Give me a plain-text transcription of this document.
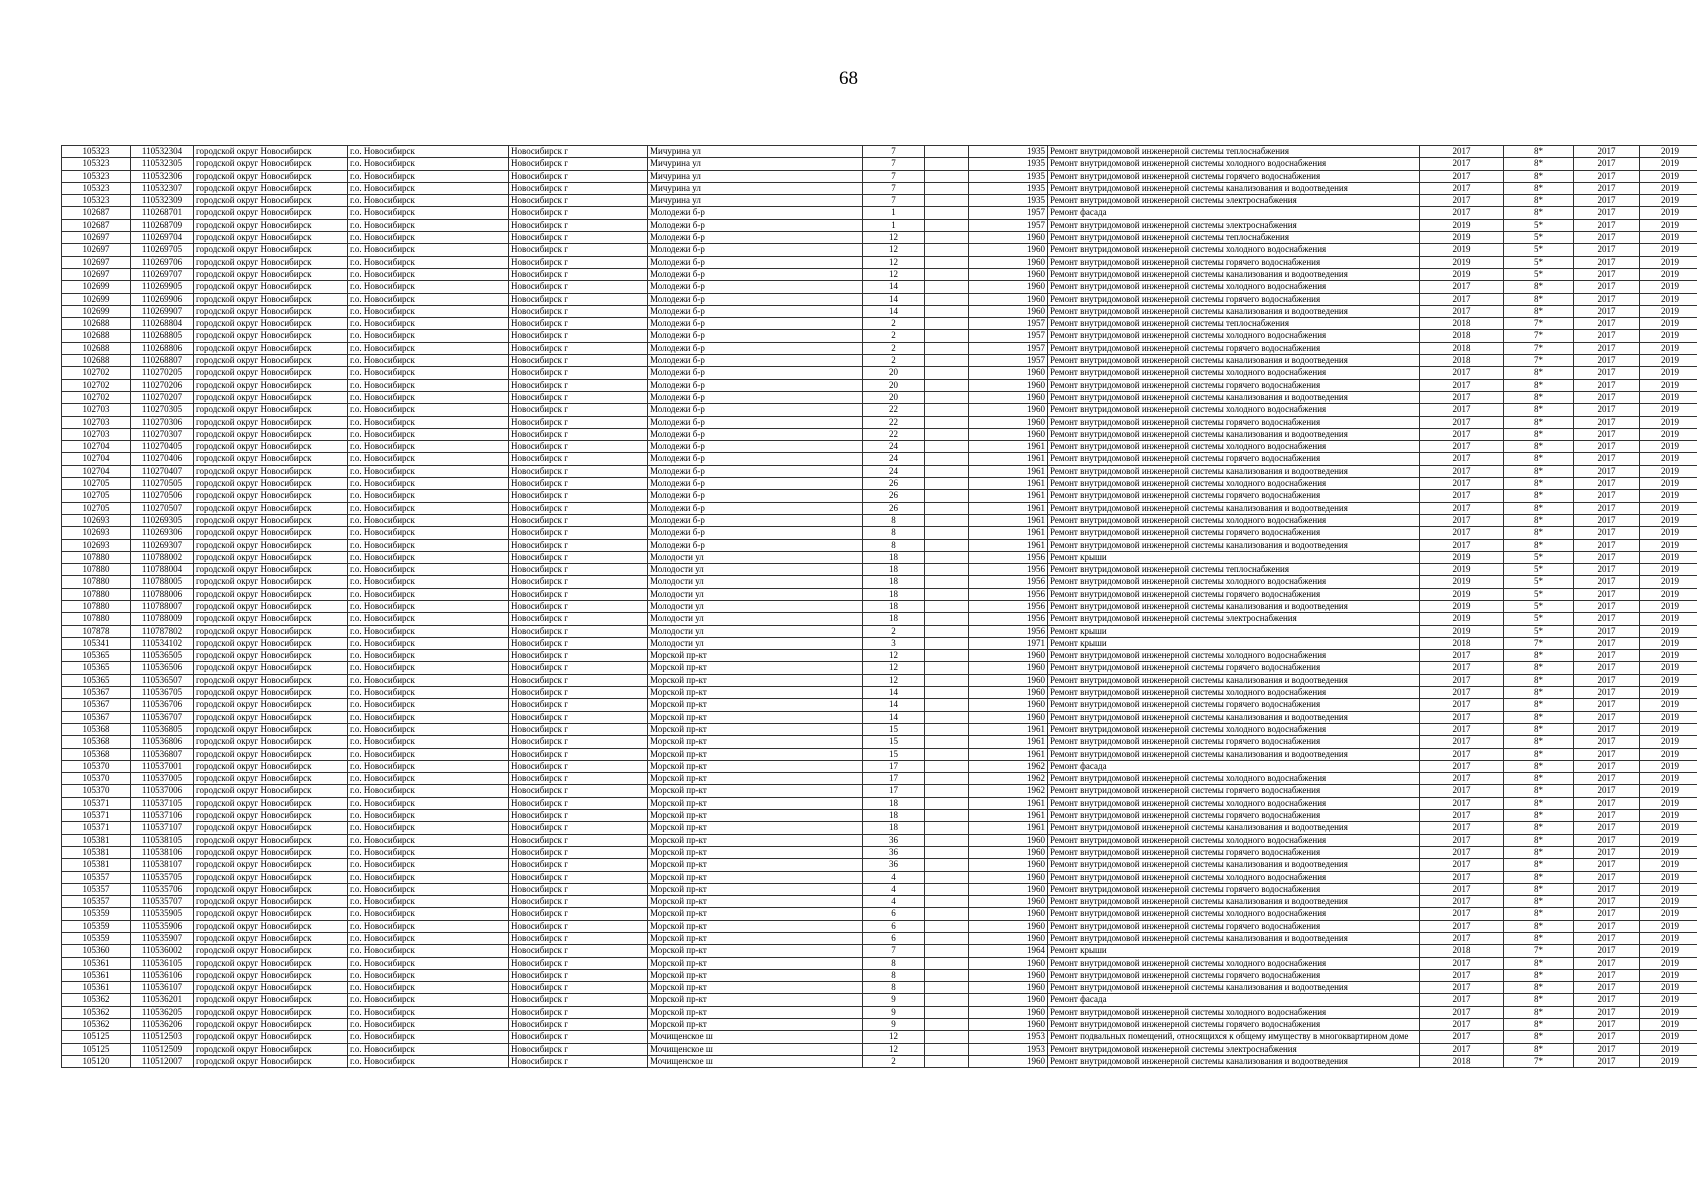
68
105323	110532304	городской округ Новосибирск	г.о. Новосибирск	Новосибирск г	Мичурина ул	7		1935	Ремонт внутридомовой инженерной системы теплоснабжения	2017	8*	2017	2019
105323	110532305	городской округ Новосибирск	г.о. Новосибирск	Новосибирск г	Мичурина ул	7		1935	Ремонт внутридомовой инженерной системы холодного водоснабжения	2017	8*	2017	2019
105323	110532306	городской округ Новосибирск	г.о. Новосибирск	Новосибирск г	Мичурина ул	7		1935	Ремонт внутридомовой инженерной системы горячего водоснабжения	2017	8*	2017	2019
105323	110532307	городской округ Новосибирск	г.о. Новосибирск	Новосибирск г	Мичурина ул	7		1935	Ремонт внутридомовой инженерной системы канализования и водоотведения	2017	8*	2017	2019
105323	110532309	городской округ Новосибирск	г.о. Новосибирск	Новосибирск г	Мичурина ул	7		1935	Ремонт внутридомовой инженерной системы электроснабжения	2017	8*	2017	2019
102687	110268701	городской округ Новосибирск	г.о. Новосибирск	Новосибирск г	Молодежи б-р	1		1957	Ремонт фасада	2017	8*	2017	2019
102687	110268709	городской округ Новосибирск	г.о. Новосибирск	Новосибирск г	Молодежи б-р	1		1957	Ремонт внутридомовой инженерной системы электроснабжения	2019	5*	2017	2019
102697	110269704	городской округ Новосибирск	г.о. Новосибирск	Новосибирск г	Молодежи б-р	12		1960	Ремонт внутридомовой инженерной системы теплоснабжения	2019	5*	2017	2019
102697	110269705	городской округ Новосибирск	г.о. Новосибирск	Новосибирск г	Молодежи б-р	12		1960	Ремонт внутридомовой инженерной системы холодного водоснабжения	2019	5*	2017	2019
102697	110269706	городской округ Новосибирск	г.о. Новосибирск	Новосибирск г	Молодежи б-р	12		1960	Ремонт внутридомовой инженерной системы горячего водоснабжения	2019	5*	2017	2019
102697	110269707	городской округ Новосибирск	г.о. Новосибирск	Новосибирск г	Молодежи б-р	12		1960	Ремонт внутридомовой инженерной системы канализования и водоотведения	2019	5*	2017	2019
102699	110269905	городской округ Новосибирск	г.о. Новосибирск	Новосибирск г	Молодежи б-р	14		1960	Ремонт внутридомовой инженерной системы холодного водоснабжения	2017	8*	2017	2019
102699	110269906	городской округ Новосибирск	г.о. Новосибирск	Новосибирск г	Молодежи б-р	14		1960	Ремонт внутридомовой инженерной системы горячего водоснабжения	2017	8*	2017	2019
102699	110269907	городской округ Новосибирск	г.о. Новосибирск	Новосибирск г	Молодежи б-р	14		1960	Ремонт внутридомовой инженерной системы канализования и водоотведения	2017	8*	2017	2019
102688	110268804	городской округ Новосибирск	г.о. Новосибирск	Новосибирск г	Молодежи б-р	2		1957	Ремонт внутридомовой инженерной системы теплоснабжения	2018	7*	2017	2019
102688	110268805	городской округ Новосибирск	г.о. Новосибирск	Новосибирск г	Молодежи б-р	2		1957	Ремонт внутридомовой инженерной системы холодного водоснабжения	2018	7*	2017	2019
102688	110268806	городской округ Новосибирск	г.о. Новосибирск	Новосибирск г	Молодежи б-р	2		1957	Ремонт внутридомовой инженерной системы горячего водоснабжения	2018	7*	2017	2019
102688	110268807	городской округ Новосибирск	г.о. Новосибирск	Новосибирск г	Молодежи б-р	2		1957	Ремонт внутридомовой инженерной системы канализования и водоотведения	2018	7*	2017	2019
102702	110270205	городской округ Новосибирск	г.о. Новосибирск	Новосибирск г	Молодежи б-р	20		1960	Ремонт внутридомовой инженерной системы холодного водоснабжения	2017	8*	2017	2019
102702	110270206	городской округ Новосибирск	г.о. Новосибирск	Новосибирск г	Молодежи б-р	20		1960	Ремонт внутридомовой инженерной системы горячего водоснабжения	2017	8*	2017	2019
102702	110270207	городской округ Новосибирск	г.о. Новосибирск	Новосибирск г	Молодежи б-р	20		1960	Ремонт внутридомовой инженерной системы канализования и водоотведения	2017	8*	2017	2019
102703	110270305	городской округ Новосибирск	г.о. Новосибирск	Новосибирск г	Молодежи б-р	22		1960	Ремонт внутридомовой инженерной системы холодного водоснабжения	2017	8*	2017	2019
102703	110270306	городской округ Новосибирск	г.о. Новосибирск	Новосибирск г	Молодежи б-р	22		1960	Ремонт внутридомовой инженерной системы горячего водоснабжения	2017	8*	2017	2019
102703	110270307	городской округ Новосибирск	г.о. Новосибирск	Новосибирск г	Молодежи б-р	22		1960	Ремонт внутридомовой инженерной системы канализования и водоотведения	2017	8*	2017	2019
102704	110270405	городской округ Новосибирск	г.о. Новосибирск	Новосибирск г	Молодежи б-р	24		1961	Ремонт внутридомовой инженерной системы холодного водоснабжения	2017	8*	2017	2019
102704	110270406	городской округ Новосибирск	г.о. Новосибирск	Новосибирск г	Молодежи б-р	24		1961	Ремонт внутридомовой инженерной системы горячего водоснабжения	2017	8*	2017	2019
102704	110270407	городской округ Новосибирск	г.о. Новосибирск	Новосибирск г	Молодежи б-р	24		1961	Ремонт внутридомовой инженерной системы канализования и водоотведения	2017	8*	2017	2019
102705	110270505	городской округ Новосибирск	г.о. Новосибирск	Новосибирск г	Молодежи б-р	26		1961	Ремонт внутридомовой инженерной системы холодного водоснабжения	2017	8*	2017	2019
102705	110270506	городской округ Новосибирск	г.о. Новосибирск	Новосибирск г	Молодежи б-р	26		1961	Ремонт внутридомовой инженерной системы горячего водоснабжения	2017	8*	2017	2019
102705	110270507	городской округ Новосибирск	г.о. Новосибирск	Новосибирск г	Молодежи б-р	26		1961	Ремонт внутридомовой инженерной системы канализования и водоотведения	2017	8*	2017	2019
102693	110269305	городской округ Новосибирск	г.о. Новосибирск	Новосибирск г	Молодежи б-р	8		1961	Ремонт внутридомовой инженерной системы холодного водоснабжения	2017	8*	2017	2019
102693	110269306	городской округ Новосибирск	г.о. Новосибирск	Новосибирск г	Молодежи б-р	8		1961	Ремонт внутридомовой инженерной системы горячего водоснабжения	2017	8*	2017	2019
102693	110269307	городской округ Новосибирск	г.о. Новосибирск	Новосибирск г	Молодежи б-р	8		1961	Ремонт внутридомовой инженерной системы канализования и водоотведения	2017	8*	2017	2019
107880	110788002	городской округ Новосибирск	г.о. Новосибирск	Новосибирск г	Молодости ул	18		1956	Ремонт крыши	2019	5*	2017	2019
107880	110788004	городской округ Новосибирск	г.о. Новосибирск	Новосибирск г	Молодости ул	18		1956	Ремонт внутридомовой инженерной системы теплоснабжения	2019	5*	2017	2019
107880	110788005	городской округ Новосибирск	г.о. Новосибирск	Новосибирск г	Молодости ул	18		1956	Ремонт внутридомовой инженерной системы холодного водоснабжения	2019	5*	2017	2019
107880	110788006	городской округ Новосибирск	г.о. Новосибирск	Новосибирск г	Молодости ул	18		1956	Ремонт внутридомовой инженерной системы горячего водоснабжения	2019	5*	2017	2019
107880	110788007	городской округ Новосибирск	г.о. Новосибирск	Новосибирск г	Молодости ул	18		1956	Ремонт внутридомовой инженерной системы канализования и водоотведения	2019	5*	2017	2019
107880	110788009	городской округ Новосибирск	г.о. Новосибирск	Новосибирск г	Молодости ул	18		1956	Ремонт внутридомовой инженерной системы электроснабжения	2019	5*	2017	2019
107878	110787802	городской округ Новосибирск	г.о. Новосибирск	Новосибирск г	Молодости ул	2		1956	Ремонт крыши	2019	5*	2017	2019
105341	110534102	городской округ Новосибирск	г.о. Новосибирск	Новосибирск г	Молодости ул	3		1971	Ремонт крыши	2018	7*	2017	2019
105365	110536505	городской округ Новосибирск	г.о. Новосибирск	Новосибирск г	Морской пр-кт	12		1960	Ремонт внутридомовой инженерной системы холодного водоснабжения	2017	8*	2017	2019
105365	110536506	городской округ Новосибирск	г.о. Новосибирск	Новосибирск г	Морской пр-кт	12		1960	Ремонт внутридомовой инженерной системы горячего водоснабжения	2017	8*	2017	2019
105365	110536507	городской округ Новосибирск	г.о. Новосибирск	Новосибирск г	Морской пр-кт	12		1960	Ремонт внутридомовой инженерной системы канализования и водоотведения	2017	8*	2017	2019
105367	110536705	городской округ Новосибирск	г.о. Новосибирск	Новосибирск г	Морской пр-кт	14		1960	Ремонт внутридомовой инженерной системы холодного водоснабжения	2017	8*	2017	2019
105367	110536706	городской округ Новосибирск	г.о. Новосибирск	Новосибирск г	Морской пр-кт	14		1960	Ремонт внутридомовой инженерной системы горячего водоснабжения	2017	8*	2017	2019
105367	110536707	городской округ Новосибирск	г.о. Новосибирск	Новосибирск г	Морской пр-кт	14		1960	Ремонт внутридомовой инженерной системы канализования и водоотведения	2017	8*	2017	2019
105368	110536805	городской округ Новосибирск	г.о. Новосибирск	Новосибирск г	Морской пр-кт	15		1961	Ремонт внутридомовой инженерной системы холодного водоснабжения	2017	8*	2017	2019
105368	110536806	городской округ Новосибирск	г.о. Новосибирск	Новосибирск г	Морской пр-кт	15		1961	Ремонт внутридомовой инженерной системы горячего водоснабжения	2017	8*	2017	2019
105368	110536807	городской округ Новосибирск	г.о. Новосибирск	Новосибирск г	Морской пр-кт	15		1961	Ремонт внутридомовой инженерной системы канализования и водоотведения	2017	8*	2017	2019
105370	110537001	городской округ Новосибирск	г.о. Новосибирск	Новосибирск г	Морской пр-кт	17		1962	Ремонт фасада	2017	8*	2017	2019
105370	110537005	городской округ Новосибирск	г.о. Новосибирск	Новосибирск г	Морской пр-кт	17		1962	Ремонт внутридомовой инженерной системы холодного водоснабжения	2017	8*	2017	2019
105370	110537006	городской округ Новосибирск	г.о. Новосибирск	Новосибирск г	Морской пр-кт	17		1962	Ремонт внутридомовой инженерной системы горячего водоснабжения	2017	8*	2017	2019
105371	110537105	городской округ Новосибирск	г.о. Новосибирск	Новосибирск г	Морской пр-кт	18		1961	Ремонт внутридомовой инженерной системы холодного водоснабжения	2017	8*	2017	2019
105371	110537106	городской округ Новосибирск	г.о. Новосибирск	Новосибирск г	Морской пр-кт	18		1961	Ремонт внутридомовой инженерной системы горячего водоснабжения	2017	8*	2017	2019
105371	110537107	городской округ Новосибирск	г.о. Новосибирск	Новосибирск г	Морской пр-кт	18		1961	Ремонт внутридомовой инженерной системы канализования и водоотведения	2017	8*	2017	2019
105381	110538105	городской округ Новосибирск	г.о. Новосибирск	Новосибирск г	Морской пр-кт	36		1960	Ремонт внутридомовой инженерной системы холодного водоснабжения	2017	8*	2017	2019
105381	110538106	городской округ Новосибирск	г.о. Новосибирск	Новосибирск г	Морской пр-кт	36		1960	Ремонт внутридомовой инженерной системы горячего водоснабжения	2017	8*	2017	2019
105381	110538107	городской округ Новосибирск	г.о. Новосибирск	Новосибирск г	Морской пр-кт	36		1960	Ремонт внутридомовой инженерной системы канализования и водоотведения	2017	8*	2017	2019
105357	110535705	городской округ Новосибирск	г.о. Новосибирск	Новосибирск г	Морской пр-кт	4		1960	Ремонт внутридомовой инженерной системы холодного водоснабжения	2017	8*	2017	2019
105357	110535706	городской округ Новосибирск	г.о. Новосибирск	Новосибирск г	Морской пр-кт	4		1960	Ремонт внутридомовой инженерной системы горячего водоснабжения	2017	8*	2017	2019
105357	110535707	городской округ Новосибирск	г.о. Новосибирск	Новосибирск г	Морской пр-кт	4		1960	Ремонт внутридомовой инженерной системы канализования и водоотведения	2017	8*	2017	2019
105359	110535905	городской округ Новосибирск	г.о. Новосибирск	Новосибирск г	Морской пр-кт	6		1960	Ремонт внутридомовой инженерной системы холодного водоснабжения	2017	8*	2017	2019
105359	110535906	городской округ Новосибирск	г.о. Новосибирск	Новосибирск г	Морской пр-кт	6		1960	Ремонт внутридомовой инженерной системы горячего водоснабжения	2017	8*	2017	2019
105359	110535907	городской округ Новосибирск	г.о. Новосибирск	Новосибирск г	Морской пр-кт	6		1960	Ремонт внутридомовой инженерной системы канализования и водоотведения	2017	8*	2017	2019
105360	110536002	городской округ Новосибирск	г.о. Новосибирск	Новосибирск г	Морской пр-кт	7		1964	Ремонт крыши	2018	7*	2017	2019
105361	110536105	городской округ Новосибирск	г.о. Новосибирск	Новосибирск г	Морской пр-кт	8		1960	Ремонт внутридомовой инженерной системы холодного водоснабжения	2017	8*	2017	2019
105361	110536106	городской округ Новосибирск	г.о. Новосибирск	Новосибирск г	Морской пр-кт	8		1960	Ремонт внутридомовой инженерной системы горячего водоснабжения	2017	8*	2017	2019
105361	110536107	городской округ Новосибирск	г.о. Новосибирск	Новосибирск г	Морской пр-кт	8		1960	Ремонт внутридомовой инженерной системы канализования и водоотведения	2017	8*	2017	2019
105362	110536201	городской округ Новосибирск	г.о. Новосибирск	Новосибирск г	Морской пр-кт	9		1960	Ремонт фасада	2017	8*	2017	2019
105362	110536205	городской округ Новосибирск	г.о. Новосибирск	Новосибирск г	Морской пр-кт	9		1960	Ремонт внутридомовой инженерной системы холодного водоснабжения	2017	8*	2017	2019
105362	110536206	городской округ Новосибирск	г.о. Новосибирск	Новосибирск г	Морской пр-кт	9		1960	Ремонт внутридомовой инженерной системы горячего водоснабжения	2017	8*	2017	2019
105125	110512503	городской округ Новосибирск	г.о. Новосибирск	Новосибирск г	Мочищенское ш	12		1953	Ремонт подвальных помещений, относящихся к общему имуществу в многоквартирном доме	2017	8*	2017	2019
105125	110512509	городской округ Новосибирск	г.о. Новосибирск	Новосибирск г	Мочищенское ш	12		1953	Ремонт внутридомовой инженерной системы электроснабжения	2017	8*	2017	2019
105120	110512007	городской округ Новосибирск	г.о. Новосибирск	Новосибирск г	Мочищенское ш	2		1960	Ремонт внутридомовой инженерной системы канализования и водоотведения	2018	7*	2017	2019
